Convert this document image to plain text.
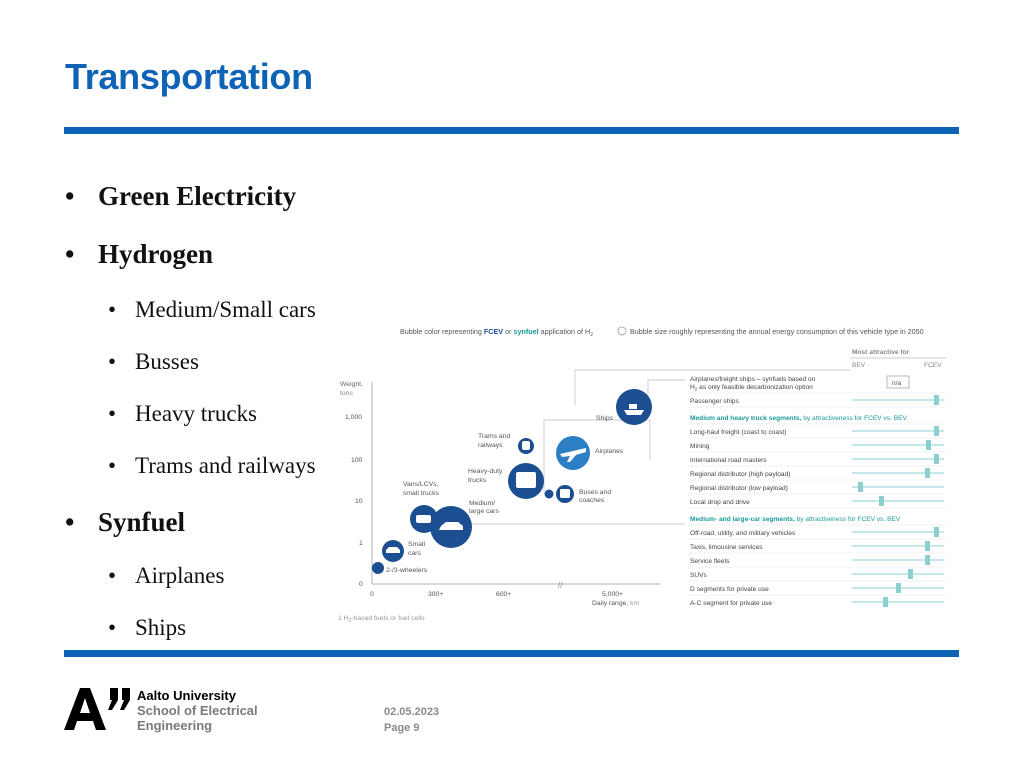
Transportation
• Green Electricity
• Hydrogen
• Medium/Small cars
• Busses
• Heavy trucks
• Trams and railways
• Synfuel
• Airplanes
• Ships
Bubble color representing FCEV or synfuel application of $H_2$	Bubble size roughly representing the annual energy consumption of this vehicle type in 2050
Weight,
tons
1,000
100
10
1
0	//
0	300+	600+	5,000+
Daily range, km
1 $H_2$-based fuels or fuel cells
Ships
Trams and
railways
Airplanes
Heavy-duty
trucks
Buses and
coaches
Vans/LCVs,
small trucks
Medium/
large cars
Small
cars
2-/3-wheelers
Most attractive for
BEV	FCEV
Airplanes/freight ships – synfuels based on
$H_2$ as only feasible decarbonization option
n/a
Passenger ships
Medium and heavy truck segments, by attractiveness for FCEV vs. BEV
Long-haul freight (coast to coast)
Mining
International road masters
Regional distributor (high payload)
Regional distributor (low payload)
Local drop and drive
Medium- and large-car segments, by attractiveness for FCEV vs. BEV
Off-road, utility, and military vehicles
Taxis, limousine services
Service fleets
SUVs
D segments for private use
A-C segment for private use
Aalto University
School of Electrical
Engineering
02.05.2023
Page 9
